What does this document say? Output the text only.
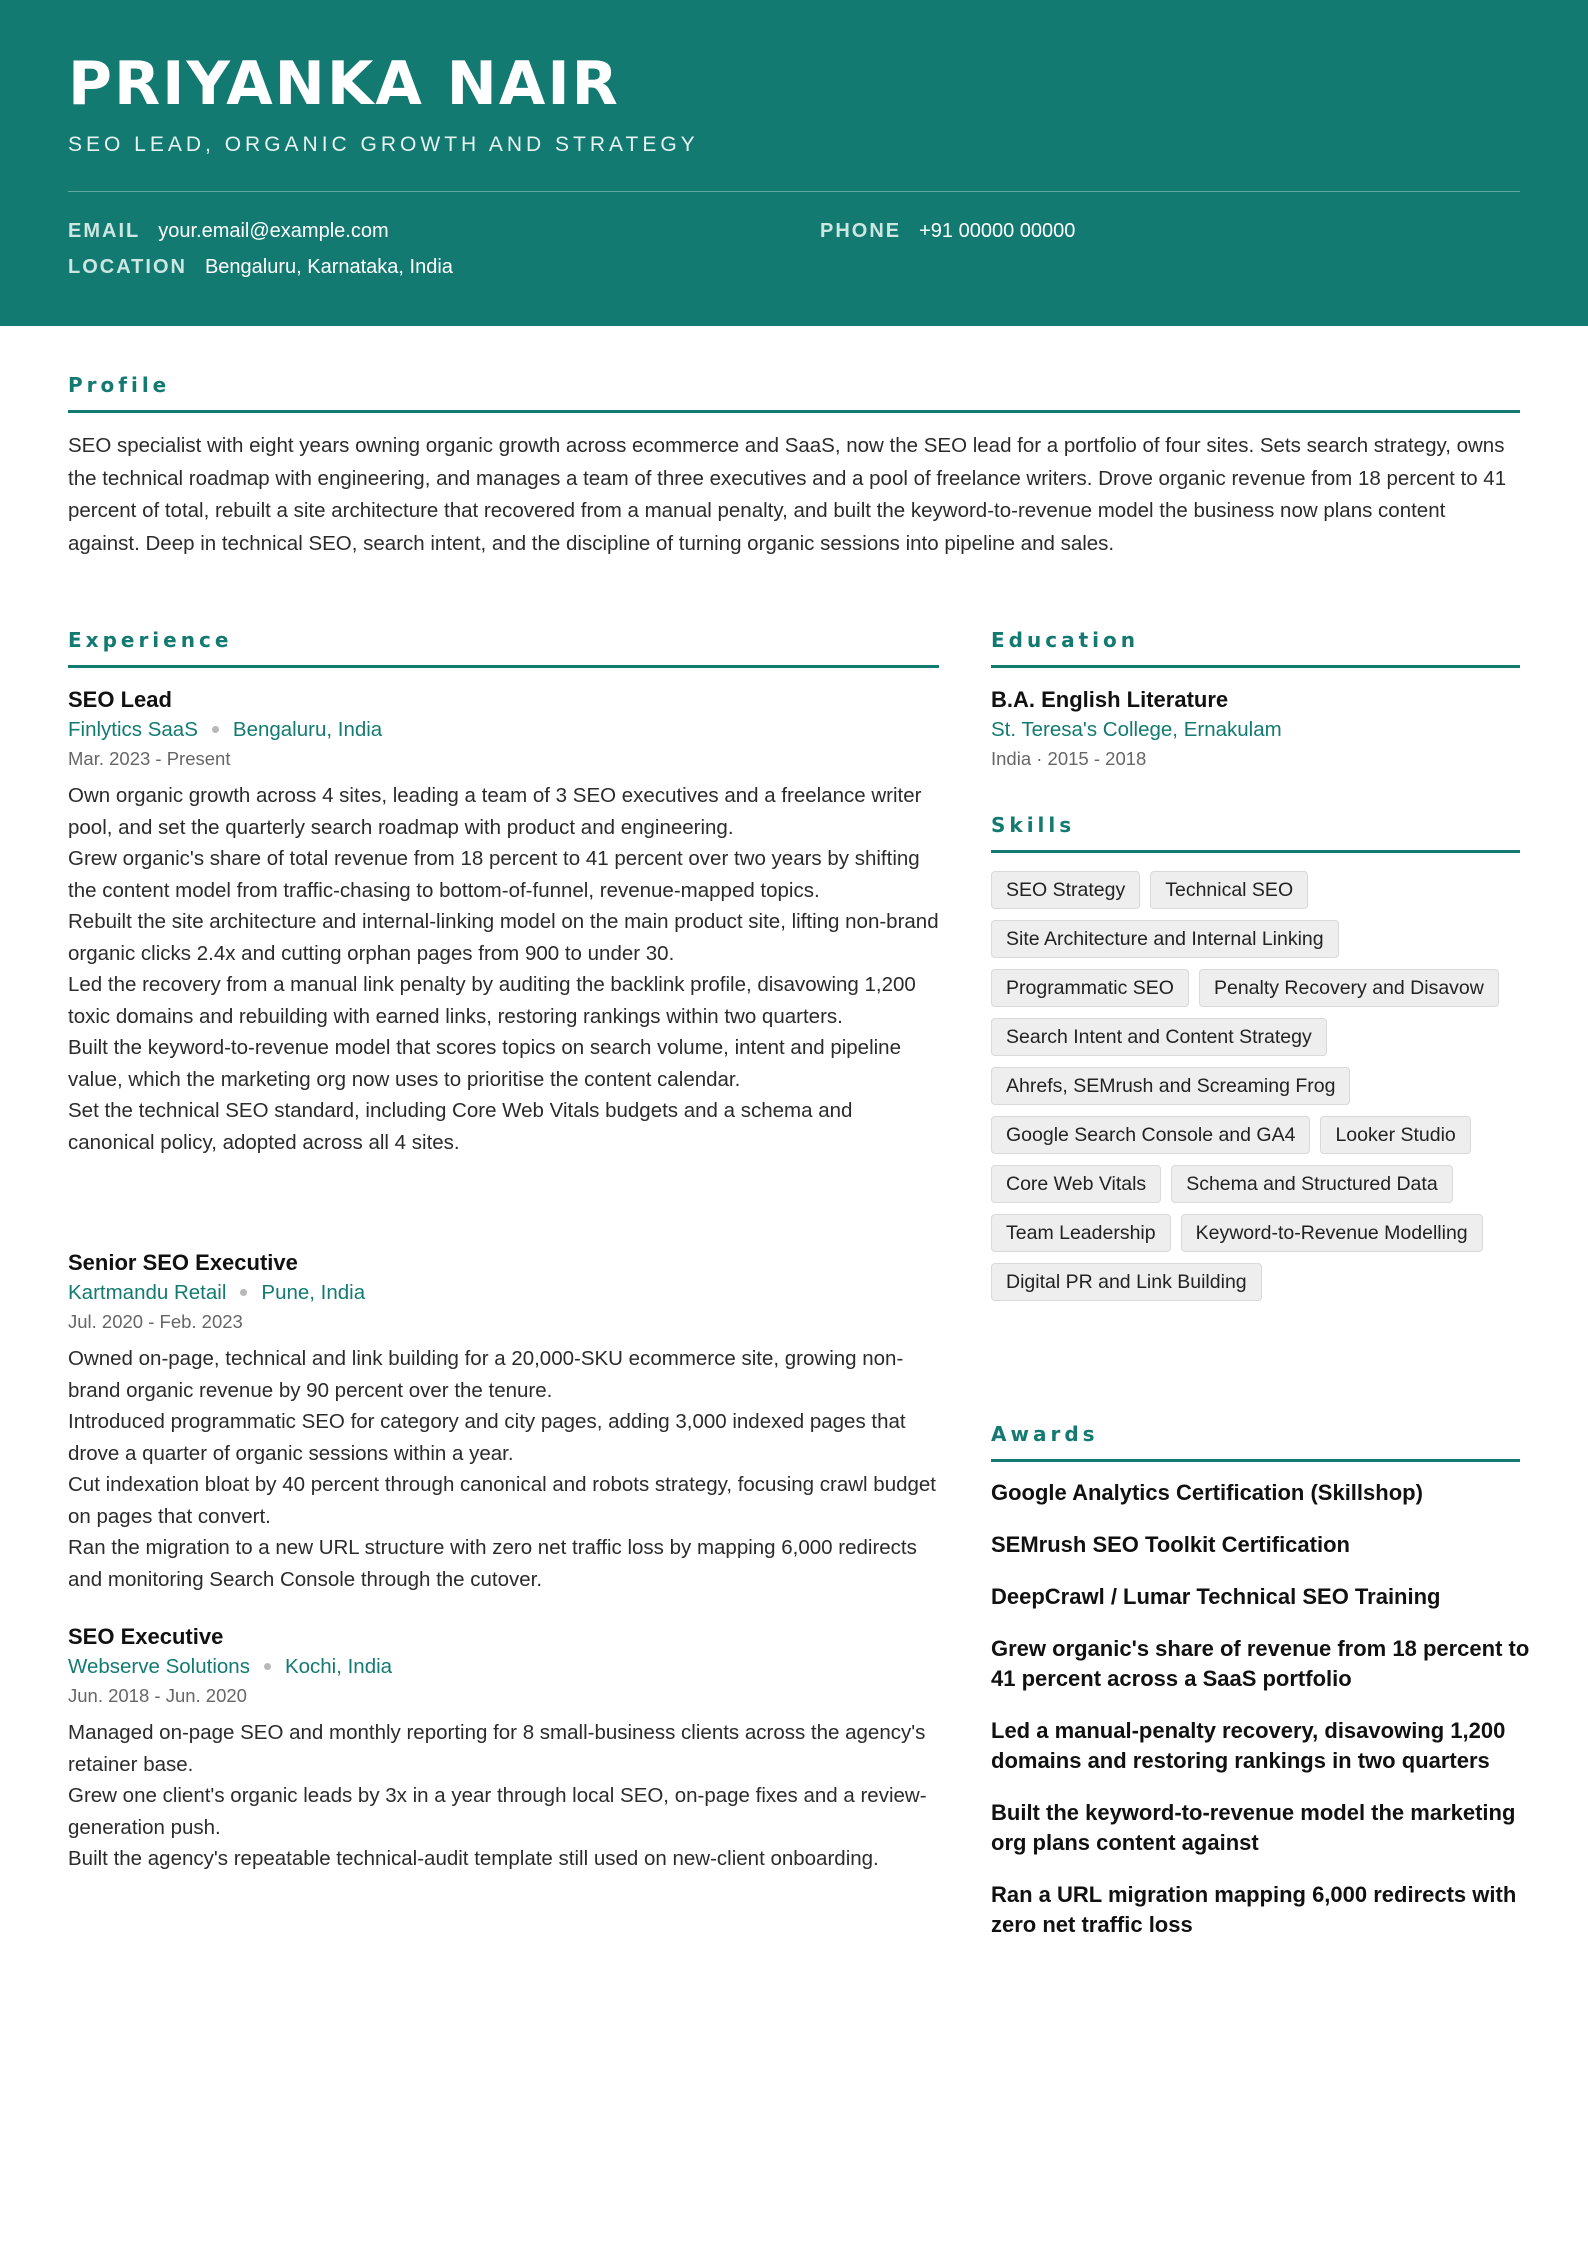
PRIYANKA NAIR
SEO LEAD, ORGANIC GROWTH AND STRATEGY
EMAIL your.email@example.com	PHONE +91 00000 00000
LOCATION Bengaluru, Karnataka, India
Profile
SEO specialist with eight years owning organic growth across ecommerce and SaaS, now the SEO lead for a portfolio of four sites. Sets search strategy, owns the technical roadmap with engineering, and manages a team of three executives and a pool of freelance writers. Drove organic revenue from 18 percent to 41 percent of total, rebuilt a site architecture that recovered from a manual penalty, and built the keyword-to-revenue model the business now plans content against. Deep in technical SEO, search intent, and the discipline of turning organic sessions into pipeline and sales.
Experience
SEO Lead
Finlytics SaaS Bengaluru, India
Mar. 2023 - Present
Own organic growth across 4 sites, leading a team of 3 SEO executives and a freelance writer pool, and set the quarterly search roadmap with product and engineering.
Grew organic's share of total revenue from 18 percent to 41 percent over two years by shifting the content model from traffic-chasing to bottom-of-funnel, revenue-mapped topics.
Rebuilt the site architecture and internal-linking model on the main product site, lifting non-brand organic clicks 2.4x and cutting orphan pages from 900 to under 30.
Led the recovery from a manual link penalty by auditing the backlink profile, disavowing 1,200 toxic domains and rebuilding with earned links, restoring rankings within two quarters.
Built the keyword-to-revenue model that scores topics on search volume, intent and pipeline value, which the marketing org now uses to prioritise the content calendar.
Set the technical SEO standard, including Core Web Vitals budgets and a schema and canonical policy, adopted across all 4 sites.
Senior SEO Executive
Kartmandu Retail Pune, India
Jul. 2020 - Feb. 2023
Owned on-page, technical and link building for a 20,000-SKU ecommerce site, growing non-brand organic revenue by 90 percent over the tenure.
Introduced programmatic SEO for category and city pages, adding 3,000 indexed pages that drove a quarter of organic sessions within a year.
Cut indexation bloat by 40 percent through canonical and robots strategy, focusing crawl budget on pages that convert.
Ran the migration to a new URL structure with zero net traffic loss by mapping 6,000 redirects and monitoring Search Console through the cutover.
SEO Executive
Webserve Solutions Kochi, India
Jun. 2018 - Jun. 2020
Managed on-page SEO and monthly reporting for 8 small-business clients across the agency's retainer base.
Grew one client's organic leads by 3x in a year through local SEO, on-page fixes and a review-generation push.
Built the agency's repeatable technical-audit template still used on new-client onboarding.
Education
B.A. English Literature
St. Teresa's College, Ernakulam
India · 2015 - 2018
Skills
SEO Strategy	Technical SEO
Site Architecture and Internal Linking
Programmatic SEO	Penalty Recovery and Disavow
Search Intent and Content Strategy
Ahrefs, SEMrush and Screaming Frog
Google Search Console and GA4	Looker Studio
Core Web Vitals	Schema and Structured Data
Team Leadership	Keyword-to-Revenue Modelling
Digital PR and Link Building
Awards
Google Analytics Certification (Skillshop)
SEMrush SEO Toolkit Certification
DeepCrawl / Lumar Technical SEO Training
Grew organic's share of revenue from 18 percent to 41 percent across a SaaS portfolio
Led a manual-penalty recovery, disavowing 1,200 domains and restoring rankings in two quarters
Built the keyword-to-revenue model the marketing org plans content against
Ran a URL migration mapping 6,000 redirects with zero net traffic loss
